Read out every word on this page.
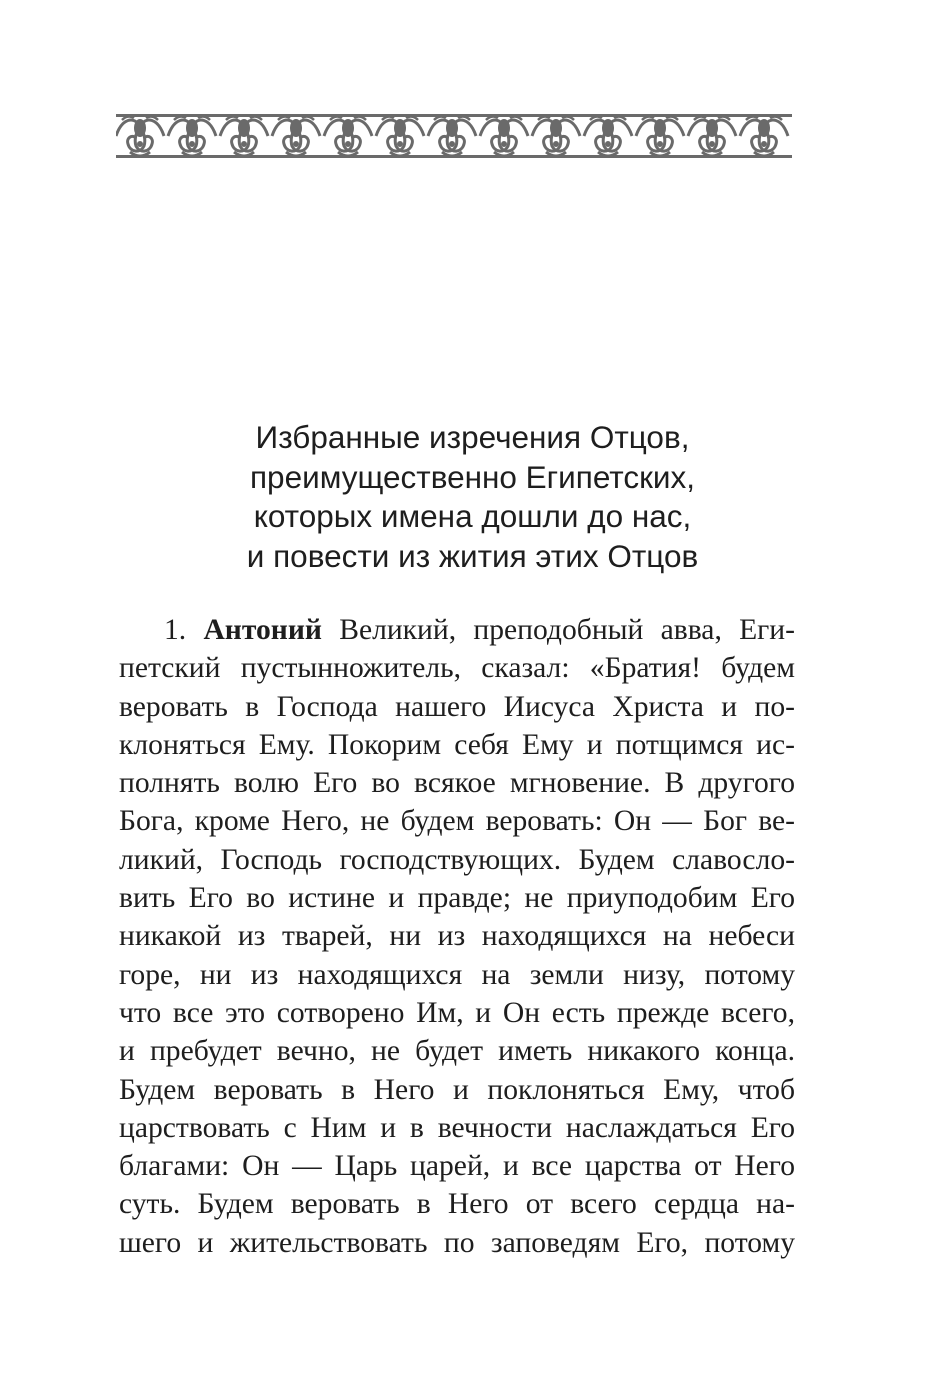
Избранные изречения Отцов,
преимущественно Египетских,
которых имена дошли до нас,
и повести из жития этих Отцов
1. Антоний Великий, преподобный авва, Еги-
петский пустынножитель, сказал: «Братия! будем
веровать в Господа нашего Иисуса Христа и по-
клоняться Ему. Покорим себя Ему и потщимся ис-
полнять волю Его во всякое мгновение. В другого
Бога, кроме Него, не будем веровать: Он — Бог ве-
ликий, Господь господствующих. Будем славосло-
вить Его во истине и правде; не приуподобим Его
никакой из тварей, ни из находящихся на небеси
горе, ни из находящихся на земли низу, потому
что все это сотворено Им, и Он есть прежде всего,
и пребудет вечно, не будет иметь никакого конца.
Будем веровать в Него и поклоняться Ему, чтоб
царствовать с Ним и в вечности наслаждаться Его
благами: Он — Царь царей, и все царства от Него
суть. Будем веровать в Него от всего сердца на-
шего и жительствовать по заповедям Его, потому
